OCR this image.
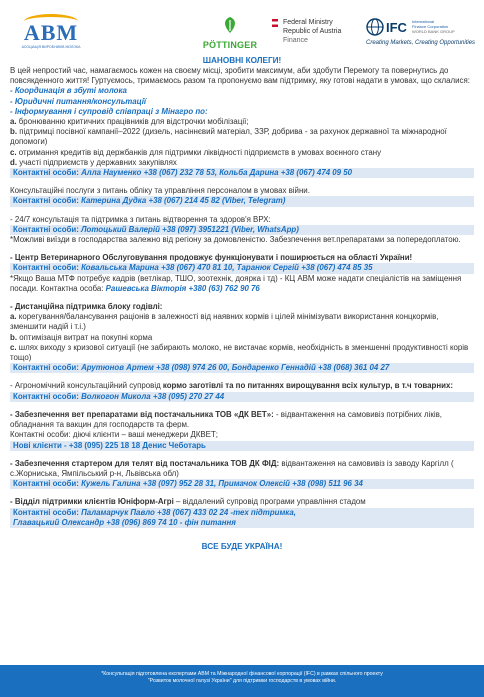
АВМ
АСОЦІАЦІЯ ВИРОБНИКІВ МОЛОКА	PÖTTINGER
Federal Ministry
Republic of Austria
Finance
IFC International
Finance Corporation
WORLD BANK GROUP
Creating Markets, Creating Opportunities

ШАНОВНІ КОЛЕГИ!

В цей непростий час, намагаємось кожен на своєму місці, зробити максимум, аби здобути Перемогу та повернутись до повсякденного життя! Гуртуємось, тримаємось разом та пропонуємо вам підтримку, яку готові надати в умовах, що склалися:

- Координація в збуті молока

- Юридичні питання/консультації

- Інформування і супровід співпраці з Мінагро по:

a. бронюванню критичних працівників для відстрочки мобілізації;

b. підтримці посівної кампанії–2022 (дизель, насіннєвий матеріал, ЗЗР, добрива - за рахунок державної та міжнародної допомоги)

c. отримання кредитів від держбанків для підтримки ліквідності підприємств в умовах воєнного стану

d. участі підприємств у державних закупівлях

Контактні особи: Алла Науменко +38 (067) 232 78 53, Кольба Дарина +38 (067) 474 09 50

Консультаційні послуги з питань обліку та управління персоналом в умовах війни.

Контактні особи: Катерина Дудка +38 (067) 214 45 82 (Viber, Telegram)

- 24/7 консультація та підтримка з питань відтворення та здоров'я ВРХ:

Контактні особи: Лотоцький Валерій +38 (097) 3951221 (Viber, WhatsApp)

*Можливі виїзди в господарства залежно від регіону за домовленістю. Забезпечення вет.препаратами за попередоплатою.

- Центр Ветеринарного Обслуговування продовжує функціонувати і поширюється на області України!

Контактні особи: Ковальська Марина +38 (067) 470 81 10, Таранюк Сергій +38 (067) 474 85 35

*Якщо Ваша МТФ потребує кадрів (ветлікар, ТШО, зоотехнік, доярка і тд) - КЦ АВМ може надати спеціалістів на заміщення посади. Контактна особа: Рашевська Вікторія +380 (63) 762 90 76

- Дистанційна підтримка блоку годівлі:

a. корегування/балансування раціонів в залежності від наявних кормів і цілей мінімізувати використання концкормів, зменшити надій і т.і.)

b. оптимізація витрат на покупні корма

c. шлях виходу з кризової ситуації (не забирають молоко, не вистачає кормів, необхідність в зменшенні продуктивності корів тощо)

Контактні особи: Арутюнов Артем +38 (098) 974 26 00, Бондаренко Геннадій +38 (068) 361 04 27

- Агрономічний консультаційний супровід кормо заготівлі та по питаннях вирощування всіх культур, в т.ч товарних:

Контактні особи: Волкогон Микола +38 (095) 270 27 44

- Забезпечення вет препаратами від постачальника ТОВ «ДК ВЕТ»: - відвантаження на самовивіз потрібних ліків, обладнання та вакцин для господарств та ферм.

Контактні особи: діючі клієнти – ваші менеджери ДКВЕТ;

Нові клієнти - +38 (095) 225 18 18 Денис Чеботарь

- Забезпечення стартером для телят від постачальника ТОВ ДК ФІД: відвантаження на самовивіз із заводу Каргілл ( с.Жорниська, Ямпільський р-н, Львівська обл)

Контактні особи: Кужель Галина +38 (097) 952 28 31, Примачок Олексій +38 (098) 511 96 34

- Відділ підтримки клієнтів Юніформ-Агрі – віддалений супровід програми управління стадом

Контактні особи: Паламарчук Павло +38 (067) 433 02 24 -тех підтримка,
Главацький Олександр +38 (096) 869 74 10 - фін питання
ВСЕ БУДЕ УКРАЇНА!
*Консультація підготовлена експертами АВМ та Міжнародної фінансової корпорації (IFC) в рамках спільного проекту
"Розвиток молочної галузі України" для підтримки господарств в умовах війни.
